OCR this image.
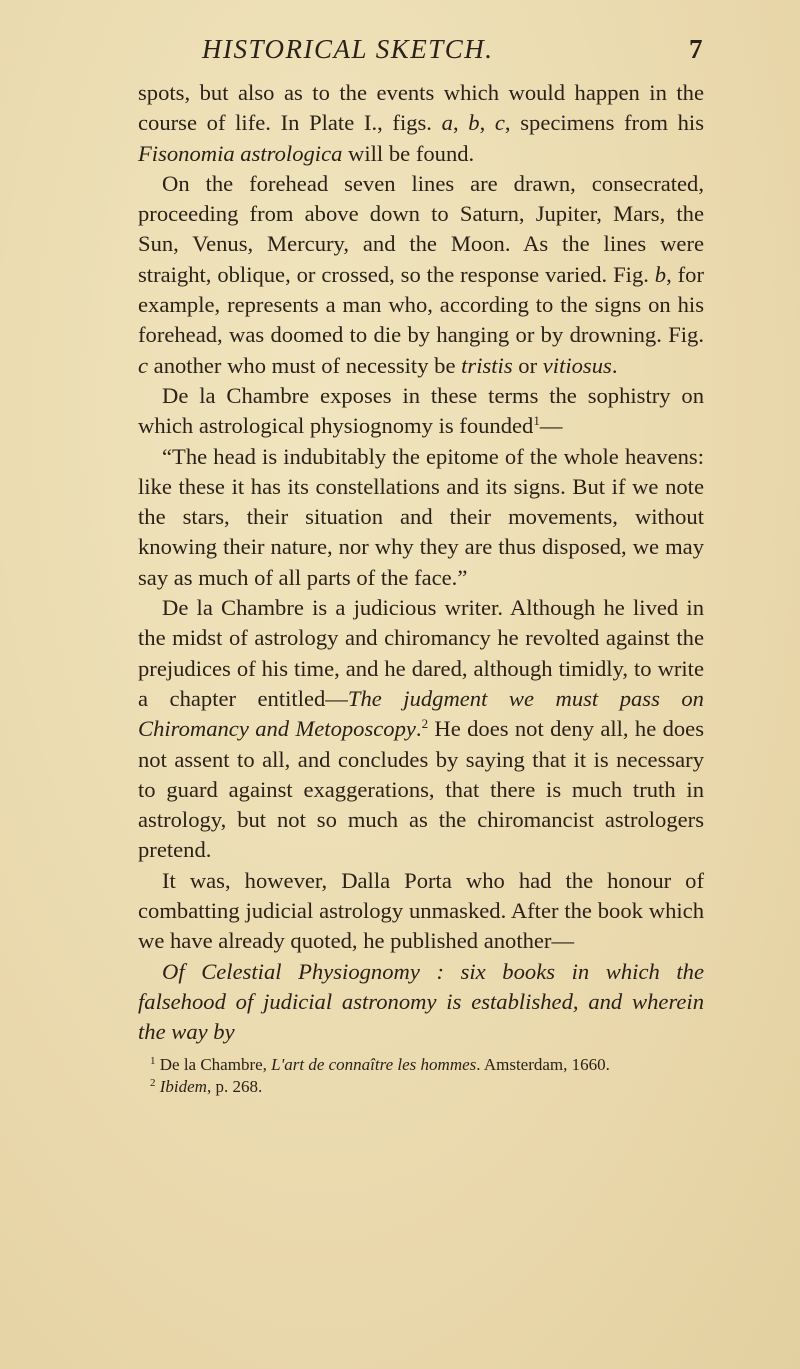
HISTORICAL SKETCH.	7

spots, but also as to the events which would happen in the course of life. In Plate I., figs. a, b, c, specimens from his Fisonomia astrologica will be found.

On the forehead seven lines are drawn, consecrated, proceeding from above down to Saturn, Jupiter, Mars, the Sun, Venus, Mercury, and the Moon. As the lines were straight, oblique, or crossed, so the response varied. Fig. b, for example, represents a man who, according to the signs on his forehead, was doomed to die by hanging or by drowning. Fig. c another who must of necessity be tristis or vitiosus.

De la Chambre exposes in these terms the sophistry on which astrological physiognomy is founded$^1$—

“The head is indubitably the epitome of the whole heavens: like these it has its constellations and its signs. But if we note the stars, their situation and their movements, without knowing their nature, nor why they are thus disposed, we may say as much of all parts of the face.”

De la Chambre is a judicious writer. Although he lived in the midst of astrology and chiromancy he revolted against the prejudices of his time, and he dared, although timidly, to write a chapter entitled—The judgment we must pass on Chiromancy and Metoposcopy.$^2$ He does not deny all, he does not assent to all, and concludes by saying that it is necessary to guard against exaggerations, that there is much truth in astrology, but not so much as the chiromancist astrologers pretend.

It was, however, Dalla Porta who had the honour of combatting judicial astrology unmasked. After the book which we have already quoted, he published another—

Of Celestial Physiognomy : six books in which the falsehood of judicial astronomy is established, and wherein the way by

$^1$ De la Chambre, L'art de connaître les hommes. Amsterdam, 1660.

$^2$ Ibidem, p. 268.
